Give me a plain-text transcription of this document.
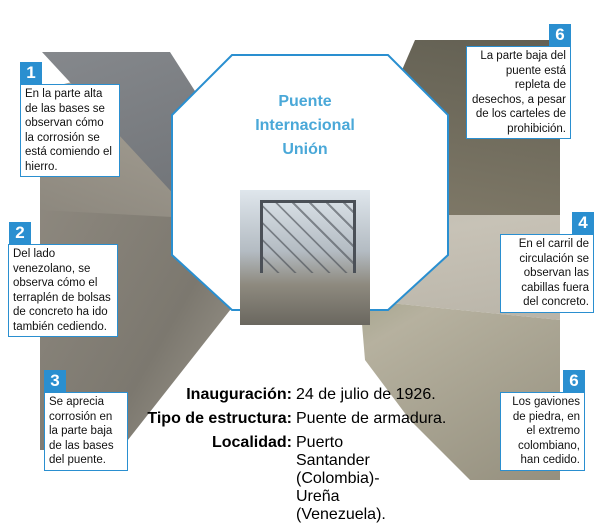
Puente
Internacional
Unión
1
En la parte alta de las bases se observan cómo la corrosión se está comiendo el hierro.
2
Del lado venezolano, se observa cómo el terraplén de bolsas de concreto ha ido también cediendo.
3
Se aprecia corrosión en la parte baja de las bases del puente.
6
La parte baja del puente está repleta de desechos, a pesar de los carteles de prohibición.
4
En el carril de circulación se observan las cabillas fuera del concreto.
6
Los gaviones de piedra, en el extremo colombiano, han cedido.
Inauguración: 24 de julio de 1926.
Tipo de estructura: Puente de armadura.
Localidad: Puerto Santander (Colombia)-Ureña (Venezuela).
